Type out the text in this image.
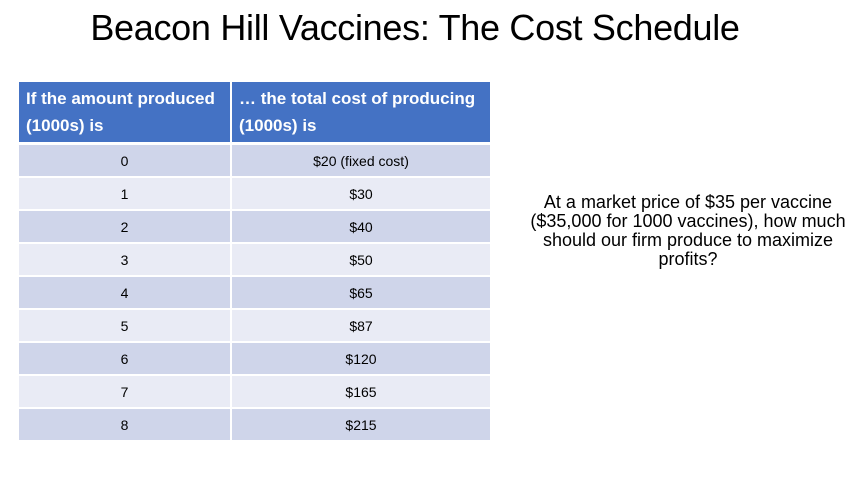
Beacon Hill Vaccines: The Cost Schedule
If the amount produced (1000s) is	… the total cost of producing (1000s) is
0	$20 (fixed cost)
1	$30
2	$40
3	$50
4	$65
5	$87
6	$120
7	$165
8	$215
At a market price of $35 per vaccine ($35,000 for 1000 vaccines), how much should our firm produce to maximize profits?
